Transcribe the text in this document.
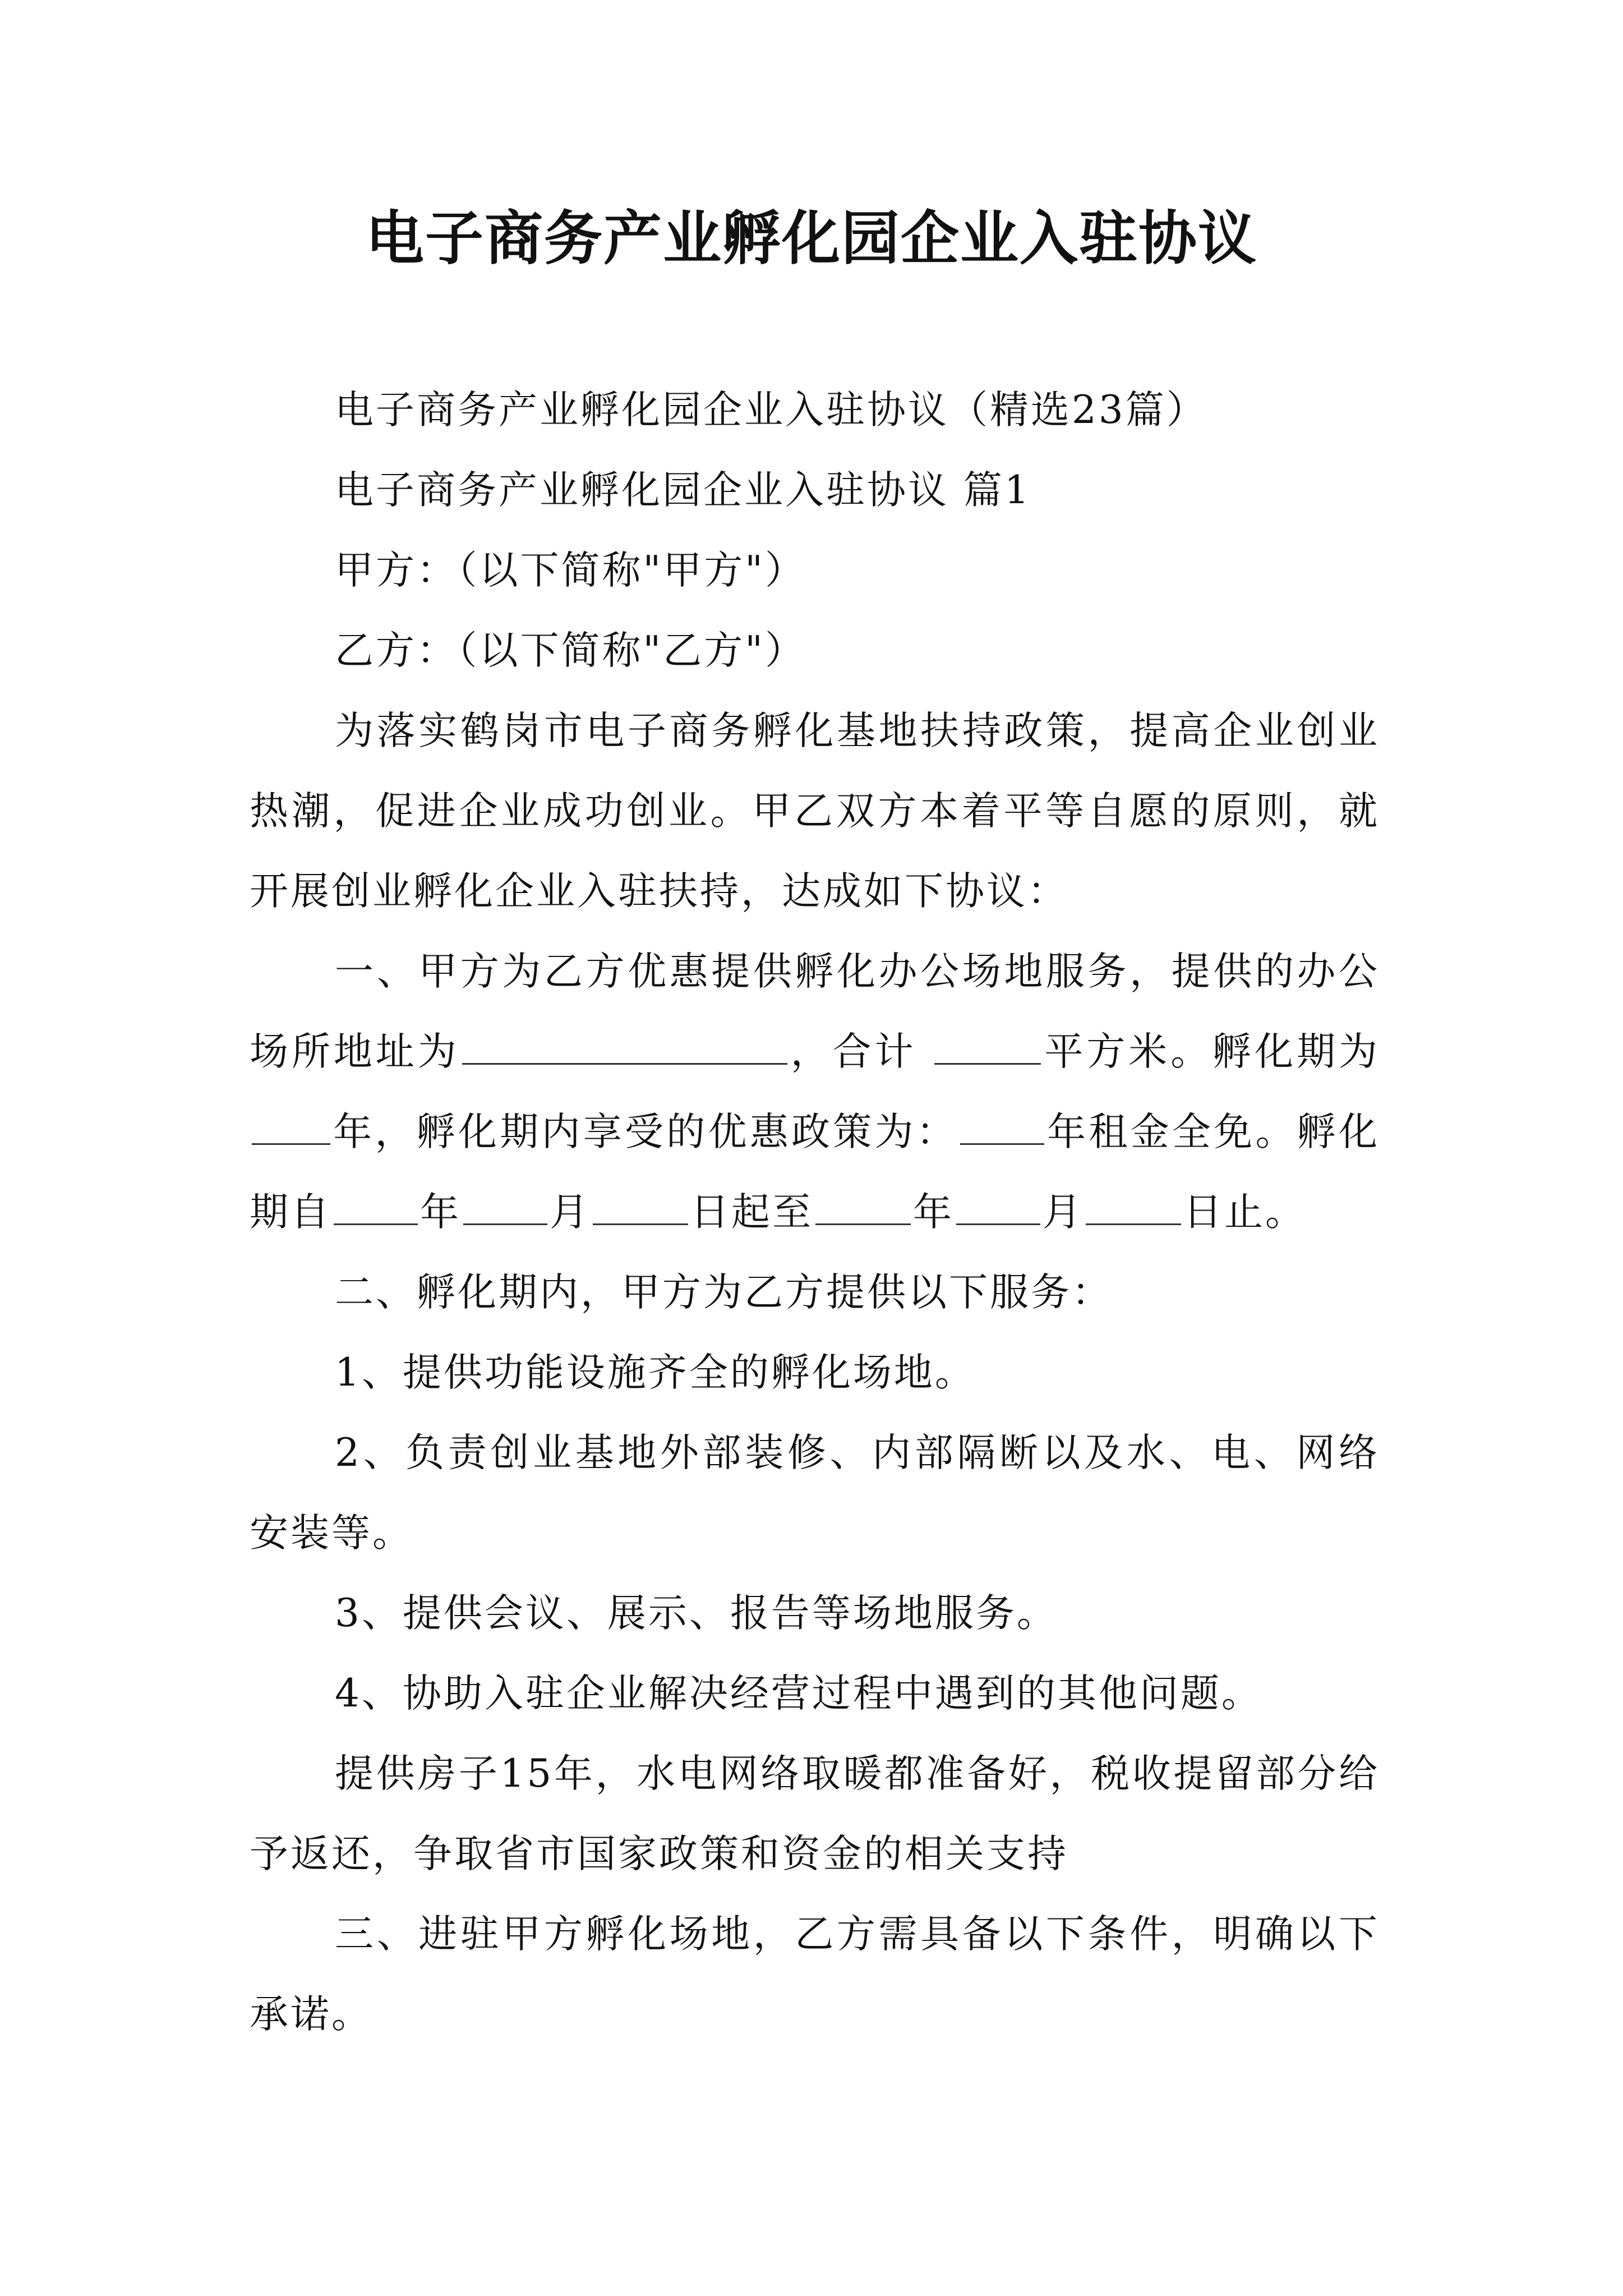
电子商务产业孵化园企业入驻协议

电子商务产业孵化园企业入驻协议（精选23篇）

电子商务产业孵化园企业入驻协议 篇1

甲方：（以下简称"甲方"）

乙方：（以下简称"乙方"）

为落实鹤岗市电子商务孵化基地扶持政策，提高企业创业热潮，促进企业成功创业。甲乙双方本着平等自愿的原则，就开展创业孵化企业入驻扶持，达成如下协议：

一、甲方为乙方优惠提供孵化办公场地服务，提供的办公场所地址为	，合计	平方米。孵化期为年，孵化期内享受的优惠政策为： 年租金全免。孵化期自 年 月	日起至	年 月	日止。

二、孵化期内，甲方为乙方提供以下服务：

1、提供功能设施齐全的孵化场地。

2、负责创业基地外部装修、内部隔断以及水、电、网络安装等。

3、提供会议、展示、报告等场地服务。

4、协助入驻企业解决经营过程中遇到的其他问题。

提供房子15年，水电网络取暖都准备好，税收提留部分给予返还，争取省市国家政策和资金的相关支持

三、进驻甲方孵化场地，乙方需具备以下条件，明确以下承诺。
